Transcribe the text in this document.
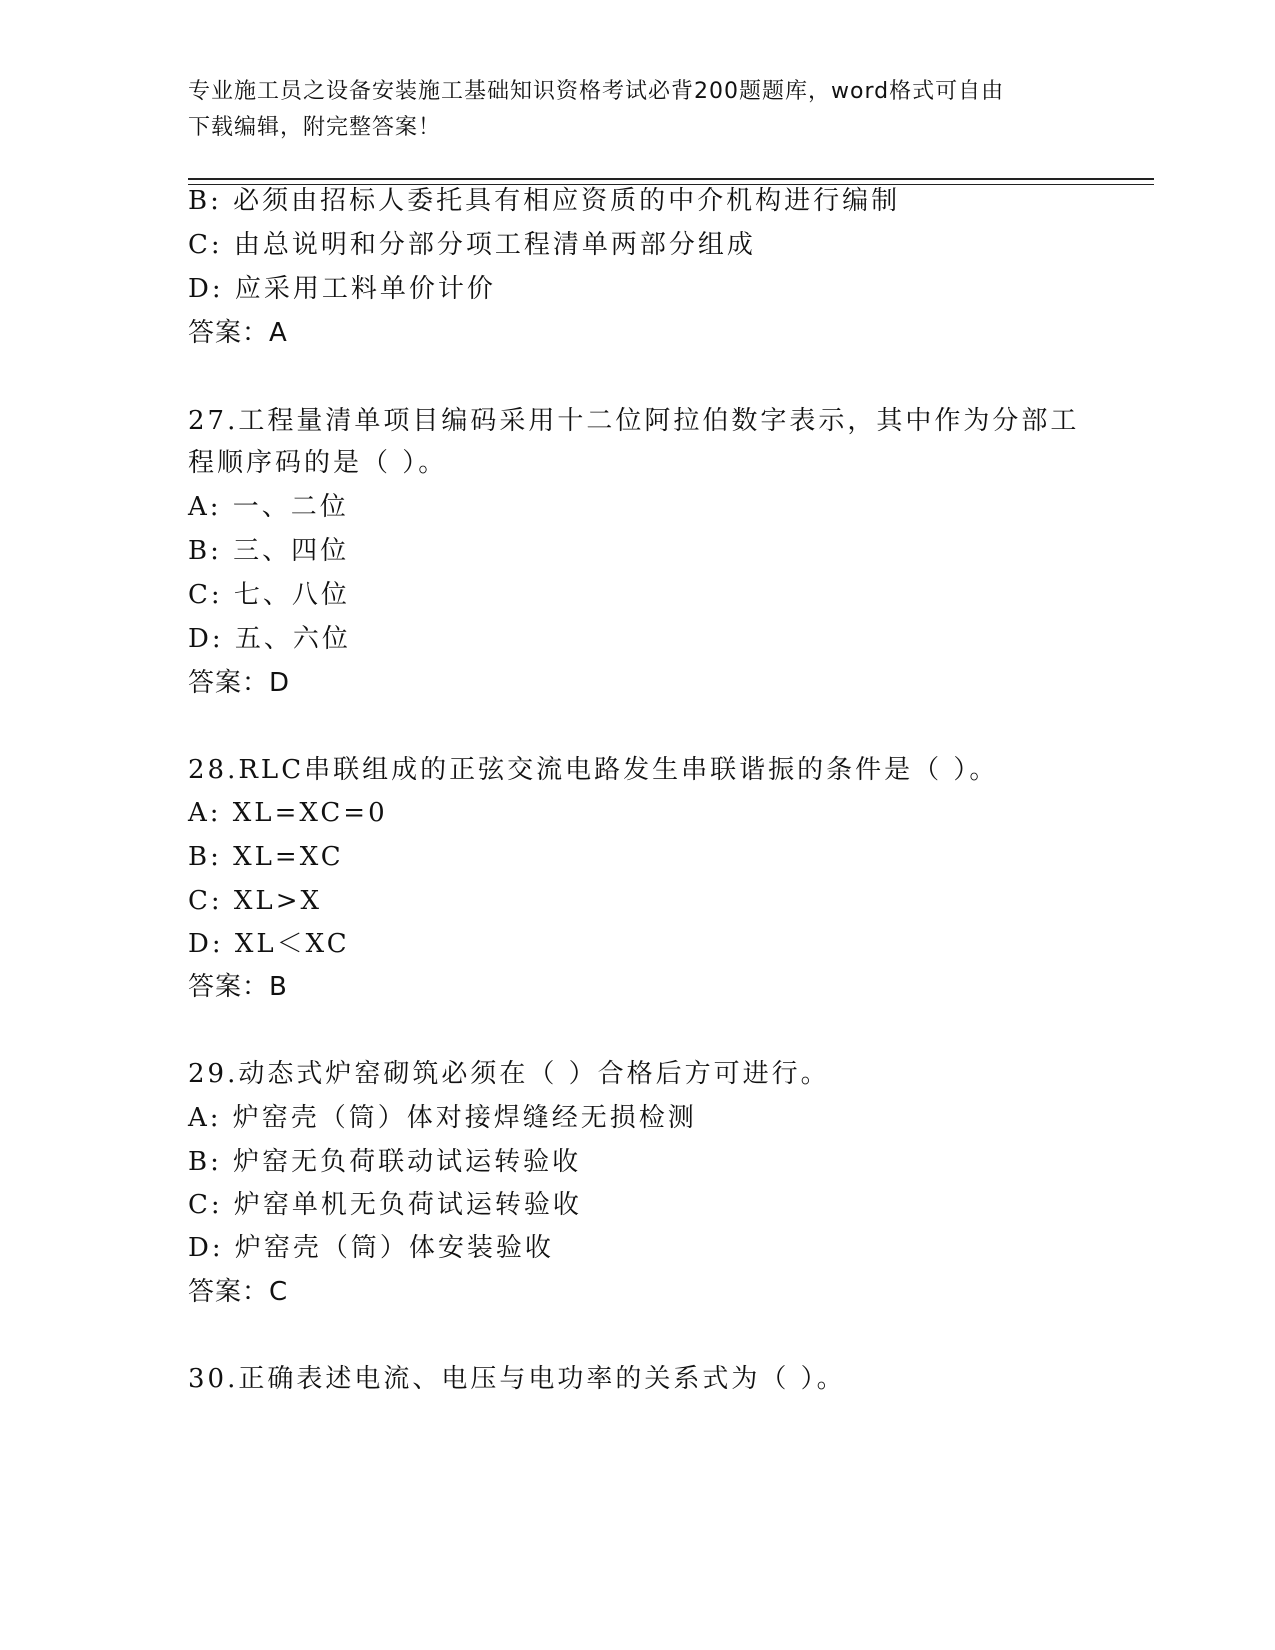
专业施工员之设备安装施工基础知识资格考试必背200题题库，word格式可自由
下载编辑，附完整答案！
B: 必须由招标人委托具有相应资质的中介机构进行编制
C: 由总说明和分部分项工程清单两部分组成
D: 应采用工料单价计价
答案：A
27.工程量清单项目编码采用十二位阿拉伯数字表示，其中作为分部工
程顺序码的是（ ）。
A: 一、二位
B: 三、四位
C: 七、八位
D: 五、六位
答案：D
28.RLC串联组成的正弦交流电路发生串联谐振的条件是（ ）。
A: XL=XC=0
B: XL=XC
C: XL>X
D: XL＜XC
答案：B
29.动态式炉窑砌筑必须在（ ）合格后方可进行。
A: 炉窑壳（筒）体对接焊缝经无损检测
B: 炉窑无负荷联动试运转验收
C: 炉窑单机无负荷试运转验收
D: 炉窑壳（筒）体安装验收
答案：C
30.正确表述电流、电压与电功率的关系式为（ ）。
